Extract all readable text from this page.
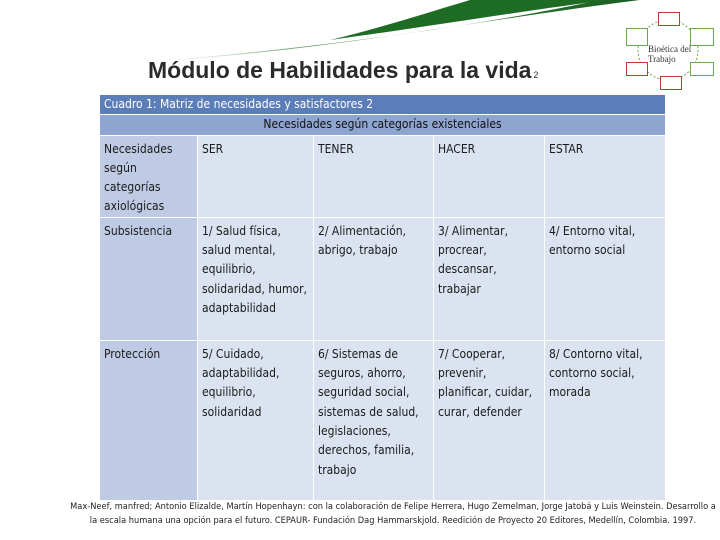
Bioética del
Trabajo
Módulo de Habilidades para la vida 2
Cuadro 1: Matriz de necesidades y satisfactores 2				
Necesidades según categorías existenciales				
Necesidades según categorías axiológicas	SER	TENER	HACER	ESTAR
Subsistencia	1/ Salud física, salud mental, equilibrio, solidaridad, humor, adaptabilidad	2/ Alimentación, abrigo, trabajo	3/ Alimentar, procrear, descansar, trabajar	4/ Entorno vital, entorno social
Protección	5/ Cuidado, adaptabilidad, equilibrio, solidaridad	6/ Sistemas de seguros, ahorro, seguridad social, sistemas de salud, legislaciones, derechos, familia, trabajo	7/ Cooperar, prevenir, planificar, cuidar, curar, defender	8/ Contorno vital, contorno social, morada
Max-Neef, manfred; Antonio Elizalde, Martín Hopenhayn: con la colaboración de Felipe Herrera, Hugo Zemelman, Jorge Jatobá y Luis Weinstein. Desarrollo a
la escala humana una opción para el futuro. CEPAUR- Fundación Dag Hammarskjold. Reedición de Proyecto 20 Editores, Medellín, Colombia. 1997.
